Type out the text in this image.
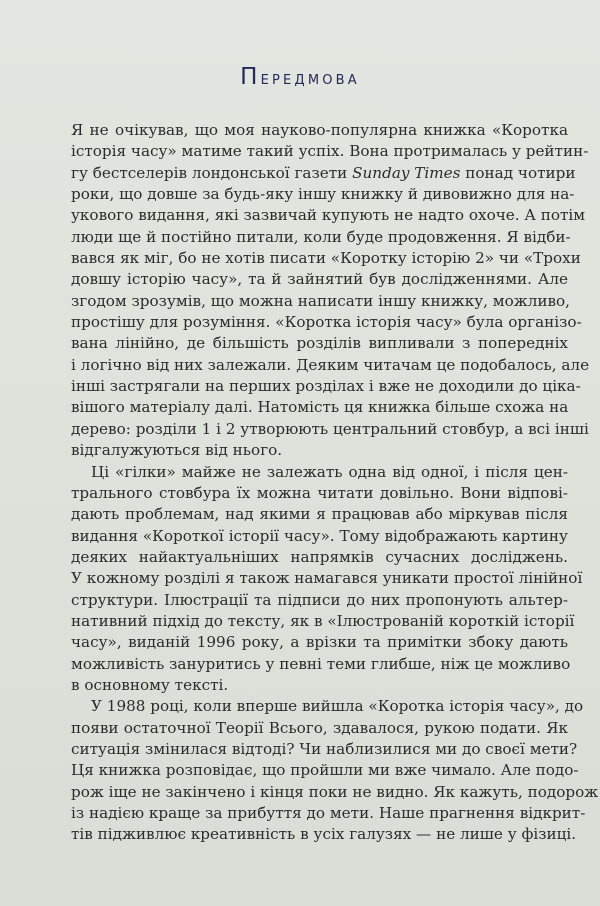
Передмова
Я не очікував, що моя науково-популярна книжка «Коротка
історія часу» матиме такий успіх. Вона протрималась у рейтин-
гу бестселерів лондонської газети Sunday Times понад чотири
роки, що довше за будь-яку іншу книжку й дивовижно для на-
укового видання, які зазвичай купують не надто охоче. А потім
люди ще й постійно питали, коли буде продовження. Я відби-
вався як міг, бо не хотів писати «Коротку історію 2» чи «Трохи
довшу історію часу», та й зайнятий був дослідженнями. Але
згодом зрозумів, що можна написати іншу книжку, можливо,
простішу для розуміння. «Коротка історія часу» була організо-
вана лінійно, де більшість розділів випливали з попередніх
і логічно від них залежали. Деяким читачам це подобалось, але
інші застрягали на перших розділах і вже не доходили до ціка-
вішого матеріалу далі. Натомість ця книжка більше схожа на
дерево: розділи 1 і 2 утворюють центральний стовбур, а всі інші
відгалужуються від нього.
Ці «гілки» майже не залежать одна від одної, і після цен-
трального стовбура їх можна читати довільно. Вони відпові-
дають проблемам, над якими я працював або міркував після
видання «Короткої історії часу». Тому відображають картину
деяких найактуальніших напрямків сучасних досліджень.
У кожному розділі я також намагався уникати простої лінійної
структури. Ілюстрації та підписи до них пропонують альтер-
нативний підхід до тексту, як в «Ілюстрованій короткій історії
часу», виданій 1996 року, а врізки та примітки збоку дають
можливість зануритись у певні теми глибше, ніж це можливо
в основному тексті.
У 1988 році, коли вперше вийшла «Коротка історія часу», до
появи остаточної Теорії Всього, здавалося, рукою подати. Як
ситуація змінилася відтоді? Чи наблизилися ми до своєї мети?
Ця книжка розповідає, що пройшли ми вже чимало. Але подо-
рож іще не закінчено і кінця поки не видно. Як кажуть, подорож
із надією краще за прибуття до мети. Наше прагнення відкрит-
тів підживлює креативність в усіх галузях — не лише у фізиці.
